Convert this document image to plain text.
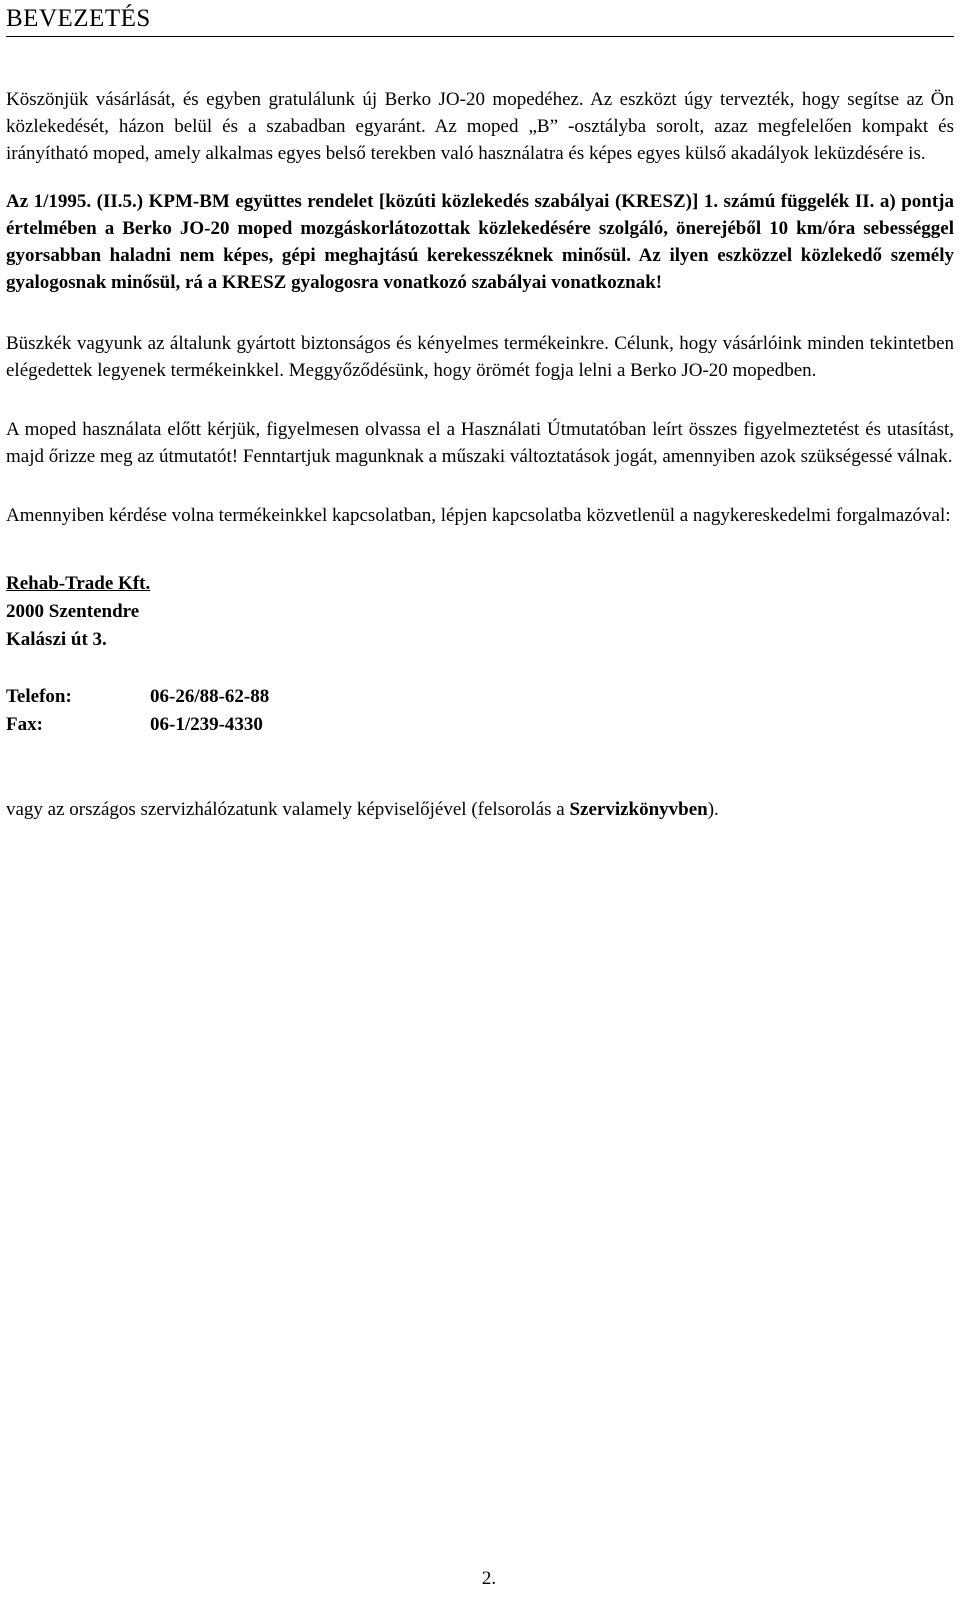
BEVEZETÉS

Köszönjük vásárlását, és egyben gratulálunk új Berko JO-20 mopedéhez. Az eszközt úgy tervezték, hogy segítse az Ön közlekedését, házon belül és a szabadban egyaránt. Az moped „B” -osztályba sorolt, azaz megfelelően kompakt és irányítható moped, amely alkalmas egyes belső terekben való használatra és képes egyes külső akadályok leküzdésére is.

Az 1/1995. (II.5.) KPM-BM együttes rendelet [közúti közlekedés szabályai (KRESZ)] 1. számú függelék II. a) pontja értelmében a Berko JO-20 moped mozgáskorlátozottak közlekedésére szolgáló, önerejéből 10 km/óra sebességgel gyorsabban haladni nem képes, gépi meghajtású kerekesszéknek minősül. Az ilyen eszközzel közlekedő személy gyalogosnak minősül, rá a KRESZ gyalogosra vonatkozó szabályai vonatkoznak!

Büszkék vagyunk az általunk gyártott biztonságos és kényelmes termékeinkre. Célunk, hogy vásárlóink minden tekintetben elégedettek legyenek termékeinkkel. Meggyőződésünk, hogy örömét fogja lelni a Berko JO-20 mopedben.

A moped használata előtt kérjük, figyelmesen olvassa el a Használati Útmutatóban leírt összes figyelmeztetést és utasítást, majd őrizze meg az útmutatót! Fenntartjuk magunknak a műszaki változtatások jogát, amennyiben azok szükségessé válnak.

Amennyiben kérdése volna termékeinkkel kapcsolatban, lépjen kapcsolatba közvetlenül a nagykereskedelmi forgalmazóval:

Rehab-Trade Kft.
2000 Szentendre
Kalászi út 3.
Telefon:	06-26/88-62-88
Fax:	06-1/239-4330

vagy az országos szervizhálózatunk valamely képviselőjével (felsorolás a Szervizkönyvben).

2.
